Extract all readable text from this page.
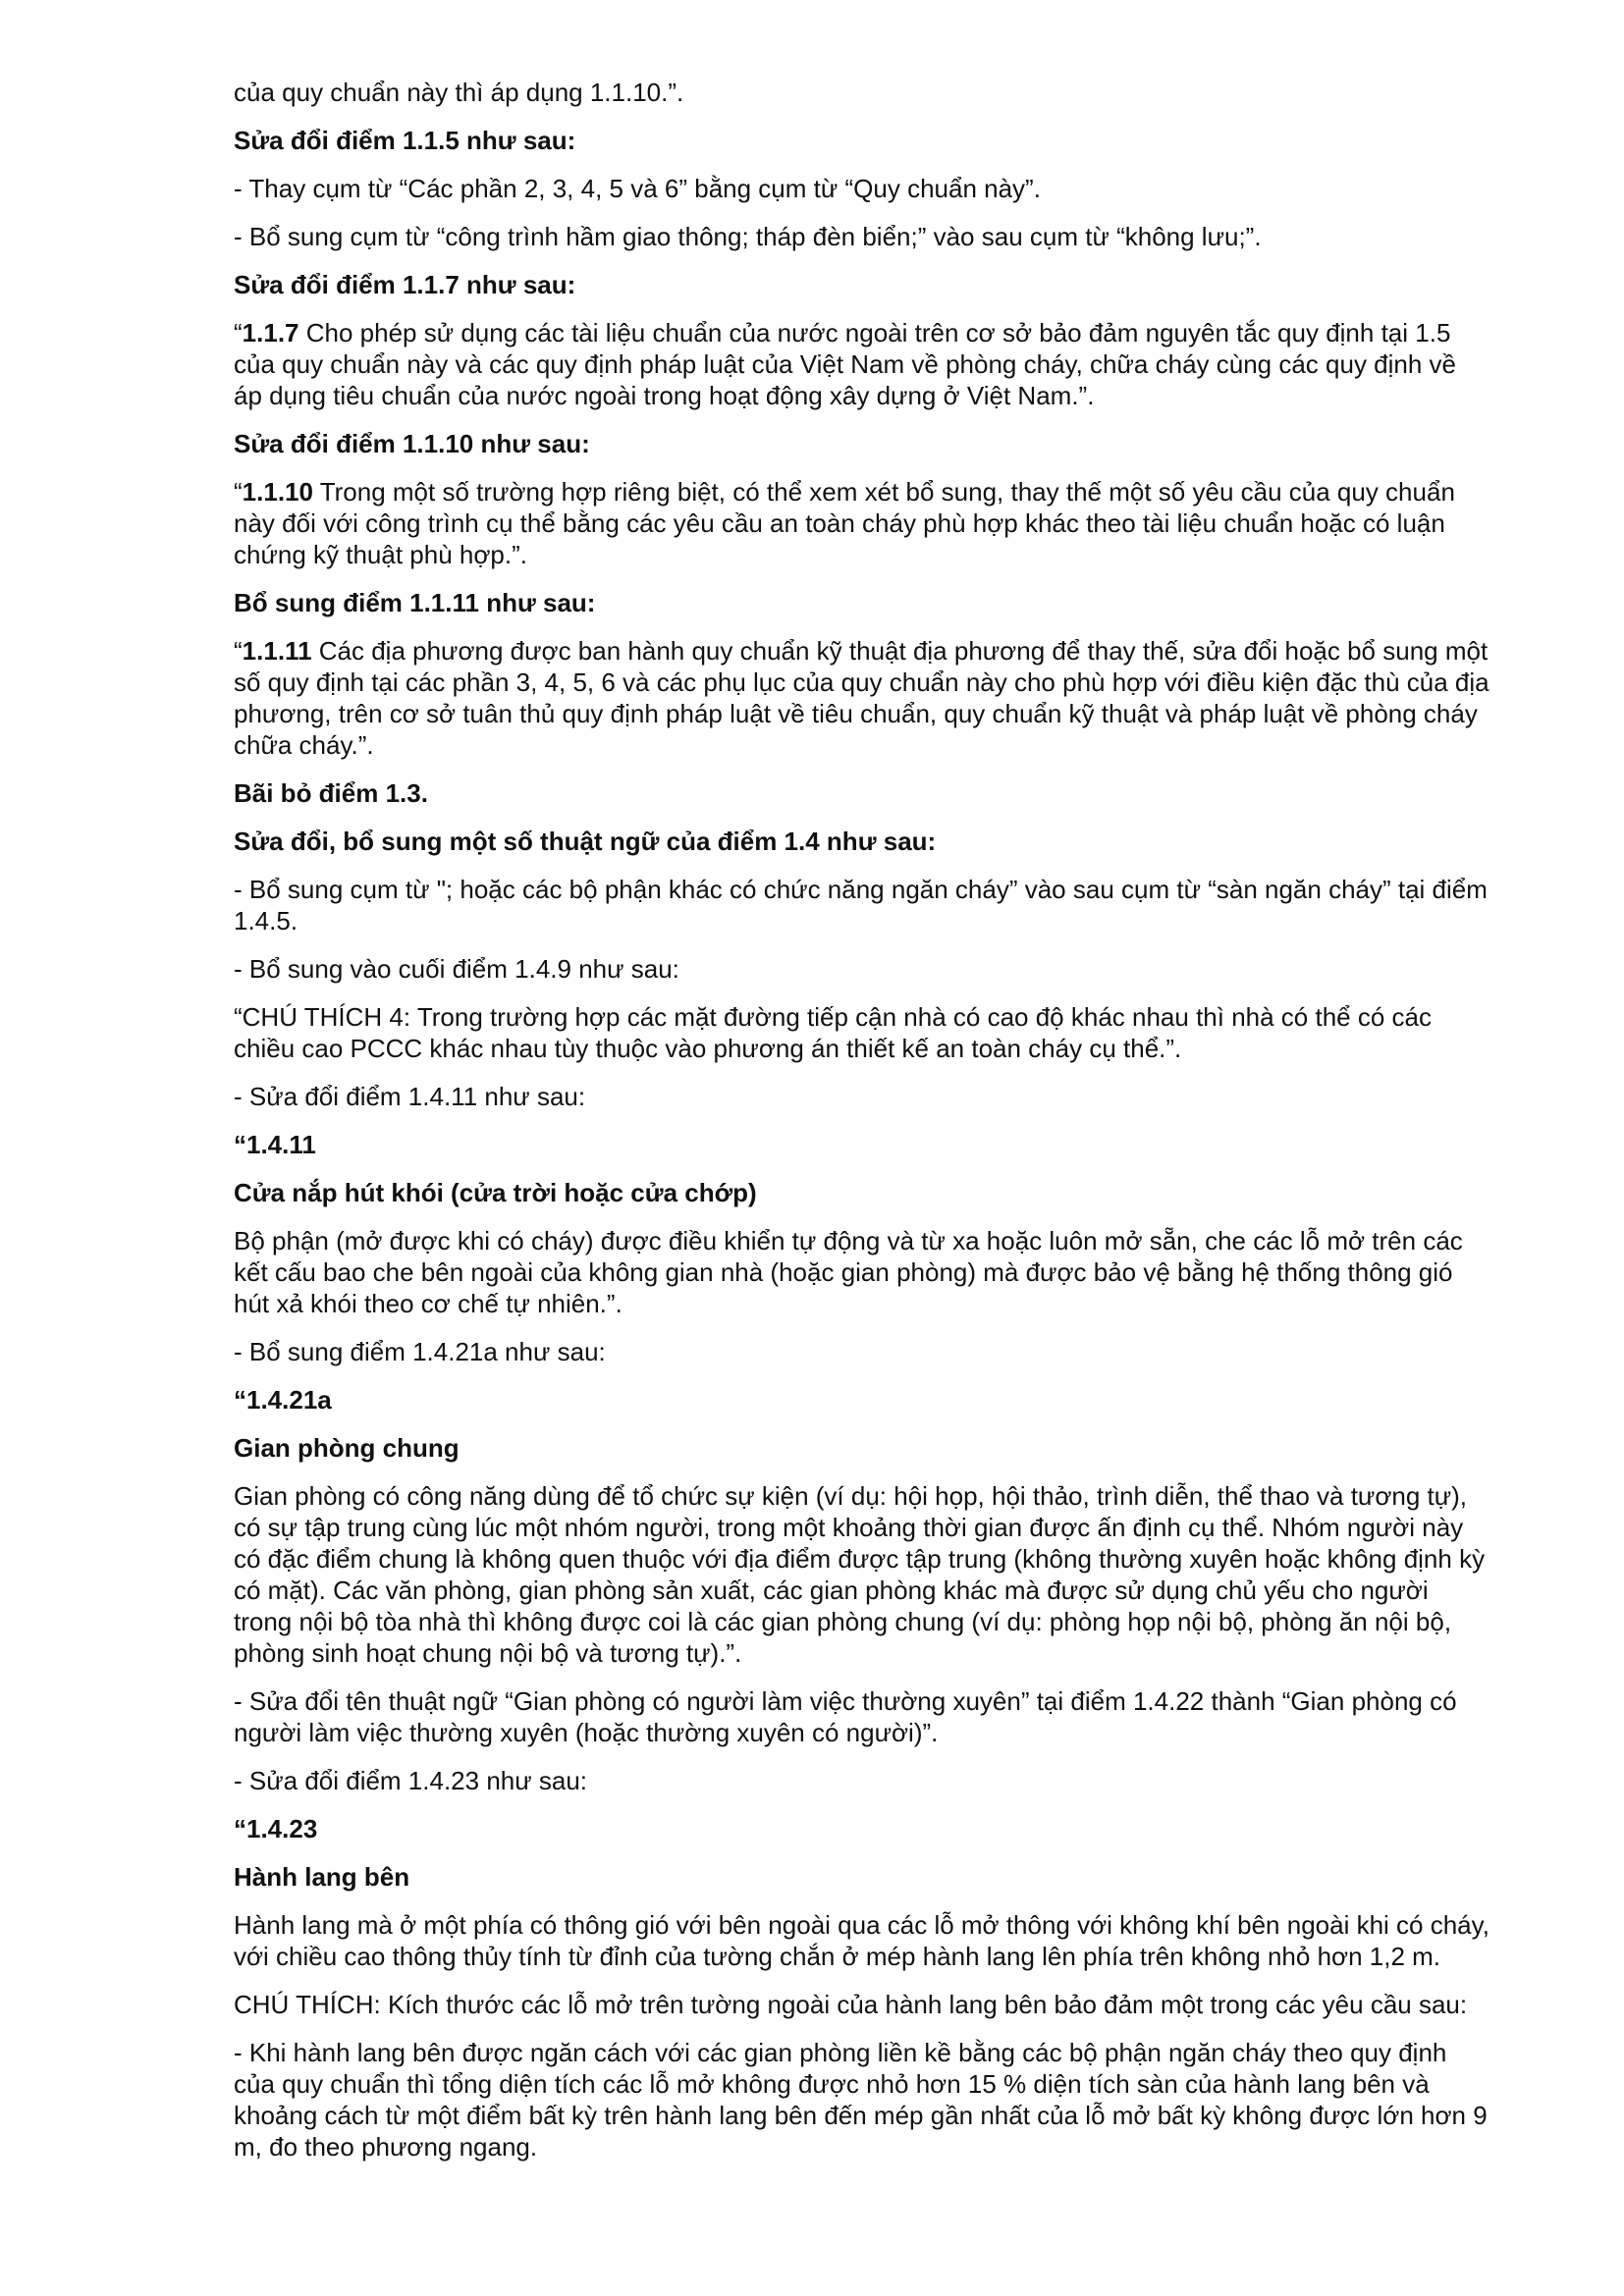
của quy chuẩn này thì áp dụng 1.1.10.”.

Sửa đổi điểm 1.1.5 như sau:

- Thay cụm từ “Các phần 2, 3, 4, 5 và 6” bằng cụm từ “Quy chuẩn này”.

- Bổ sung cụm từ “công trình hầm giao thông; tháp đèn biển;” vào sau cụm từ “không lưu;”.

Sửa đổi điểm 1.1.7 như sau:

“1.1.7 Cho phép sử dụng các tài liệu chuẩn của nước ngoài trên cơ sở bảo đảm nguyên tắc quy định tại 1.5 của quy chuẩn này và các quy định pháp luật của Việt Nam về phòng cháy, chữa cháy cùng các quy định về áp dụng tiêu chuẩn của nước ngoài trong hoạt động xây dựng ở Việt Nam.”.

Sửa đổi điểm 1.1.10 như sau:

“1.1.10 Trong một số trường hợp riêng biệt, có thể xem xét bổ sung, thay thế một số yêu cầu của quy chuẩn này đối với công trình cụ thể bằng các yêu cầu an toàn cháy phù hợp khác theo tài liệu chuẩn hoặc có luận chứng kỹ thuật phù hợp.”.

Bổ sung điểm 1.1.11 như sau:

“1.1.11 Các địa phương được ban hành quy chuẩn kỹ thuật địa phương để thay thế, sửa đổi hoặc bổ sung một số quy định tại các phần 3, 4, 5, 6 và các phụ lục của quy chuẩn này cho phù hợp với điều kiện đặc thù của địa phương, trên cơ sở tuân thủ quy định pháp luật về tiêu chuẩn, quy chuẩn kỹ thuật và pháp luật về phòng cháy chữa cháy.”.

Bãi bỏ điểm 1.3.

Sửa đổi, bổ sung một số thuật ngữ của điểm 1.4 như sau:

- Bổ sung cụm từ "; hoặc các bộ phận khác có chức năng ngăn cháy” vào sau cụm từ “sàn ngăn cháy” tại điểm 1.4.5.

- Bổ sung vào cuối điểm 1.4.9 như sau:

“CHÚ THÍCH 4: Trong trường hợp các mặt đường tiếp cận nhà có cao độ khác nhau thì nhà có thể có các chiều cao PCCC khác nhau tùy thuộc vào phương án thiết kế an toàn cháy cụ thể.”.

- Sửa đổi điểm 1.4.11 như sau:

“1.4.11

Cửa nắp hút khói (cửa trời hoặc cửa chớp)

Bộ phận (mở được khi có cháy) được điều khiển tự động và từ xa hoặc luôn mở sẵn, che các lỗ mở trên các kết cấu bao che bên ngoài của không gian nhà (hoặc gian phòng) mà được bảo vệ bằng hệ thống thông gió hút xả khói theo cơ chế tự nhiên.”.

- Bổ sung điểm 1.4.21a như sau:

“1.4.21a

Gian phòng chung

Gian phòng có công năng dùng để tổ chức sự kiện (ví dụ: hội họp, hội thảo, trình diễn, thể thao và tương tự), có sự tập trung cùng lúc một nhóm người, trong một khoảng thời gian được ấn định cụ thể. Nhóm người này có đặc điểm chung là không quen thuộc với địa điểm được tập trung (không thường xuyên hoặc không định kỳ có mặt). Các văn phòng, gian phòng sản xuất, các gian phòng khác mà được sử dụng chủ yếu cho người trong nội bộ tòa nhà thì không được coi là các gian phòng chung (ví dụ: phòng họp nội bộ, phòng ăn nội bộ, phòng sinh hoạt chung nội bộ và tương tự).”.

- Sửa đổi tên thuật ngữ “Gian phòng có người làm việc thường xuyên” tại điểm 1.4.22 thành “Gian phòng có người làm việc thường xuyên (hoặc thường xuyên có người)”.

- Sửa đổi điểm 1.4.23 như sau:

“1.4.23

Hành lang bên

Hành lang mà ở một phía có thông gió với bên ngoài qua các lỗ mở thông với không khí bên ngoài khi có cháy, với chiều cao thông thủy tính từ đỉnh của tường chắn ở mép hành lang lên phía trên không nhỏ hơn 1,2 m.

CHÚ THÍCH: Kích thước các lỗ mở trên tường ngoài của hành lang bên bảo đảm một trong các yêu cầu sau:

- Khi hành lang bên được ngăn cách với các gian phòng liền kề bằng các bộ phận ngăn cháy theo quy định của quy chuẩn thì tổng diện tích các lỗ mở không được nhỏ hơn 15 % diện tích sàn của hành lang bên và khoảng cách từ một điểm bất kỳ trên hành lang bên đến mép gần nhất của lỗ mở bất kỳ không được lớn hơn 9 m, đo theo phương ngang.
